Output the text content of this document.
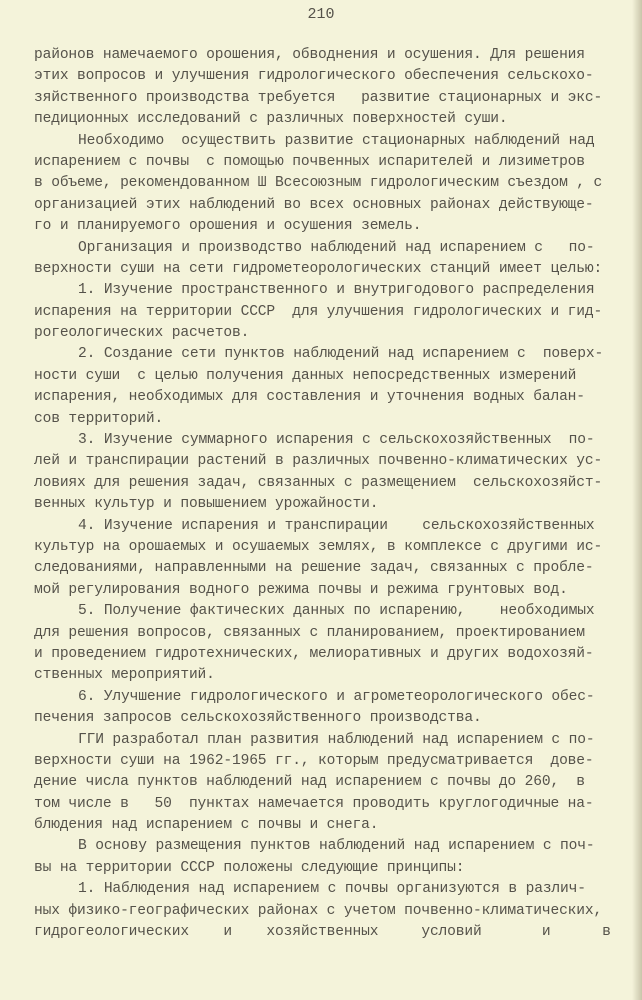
210
районов намечаемого орошения, обводнения и осушения. Для решения
этих вопросов и улучшения гидрологического обеспечения сельскохо-
зяйственного производства требуется   развитие стационарных и экс-
педиционных исследований с различных поверхностей суши.
Необходимо  осуществить развитие стационарных наблюдений над
испарением с почвы  с помощью почвенных испарителей и лизиметров
в объеме, рекомендованном Ш Всесоюзным гидрологическим съездом , с
организацией этих наблюдений во всех основных районах действующе-
го и планируемого орошения и осушения земель.
Организация и производство наблюдений над испарением с   по-
верхности суши на сети гидрометеорологических станций имеет целью:
1. Изучение пространственного и внутригодового распределения
испарения на территории СССР  для улучшения гидрологических и гид-
рогеологических расчетов.
2. Создание сети пунктов наблюдений над испарением с  поверх-
ности суши  с целью получения данных непосредственных измерений
испарения, необходимых для составления и уточнения водных балан-
сов территорий.
3. Изучение суммарного испарения с сельскохозяйственных  по-
лей и транспирации растений в различных почвенно-климатических ус-
ловиях для решения задач, связанных с размещением  сельскохозяйст-
венных культур и повышением урожайности.
4. Изучение испарения и транспирации    сельскохозяйственных
культур на орошаемых и осушаемых землях, в комплексе с другими ис-
следованиями, направленными на решение задач, связанных с пробле-
мой регулирования водного режима почвы и режима грунтовых вод.
5. Получение фактических данных по испарению,    необходимых
для решения вопросов, связанных с планированием, проектированием
и проведением гидротехнических, мелиоративных и других водохозяй-
ственных мероприятий.
6. Улучшение гидрологического и агрометеорологического обес-
печения запросов сельскохозяйственного производства.
ГГИ разработал план развития наблюдений над испарением с по-
верхности суши на 1962-1965 гг., которым предусматривается  дове-
дение числа пунктов наблюдений над испарением с почвы до 260,  в
том числе в   50  пунктах намечается проводить круглогодичные на-
блюдения над испарением с почвы и снега.
В основу размещения пунктов наблюдений над испарением с поч-
вы на территории СССР положены следующие принципы:
1. Наблюдения над испарением с почвы организуются в различ-
ных физико-географических районах с учетом почвенно-климатических,
гидрогеологических    и    хозяйственных     условий       и      в
